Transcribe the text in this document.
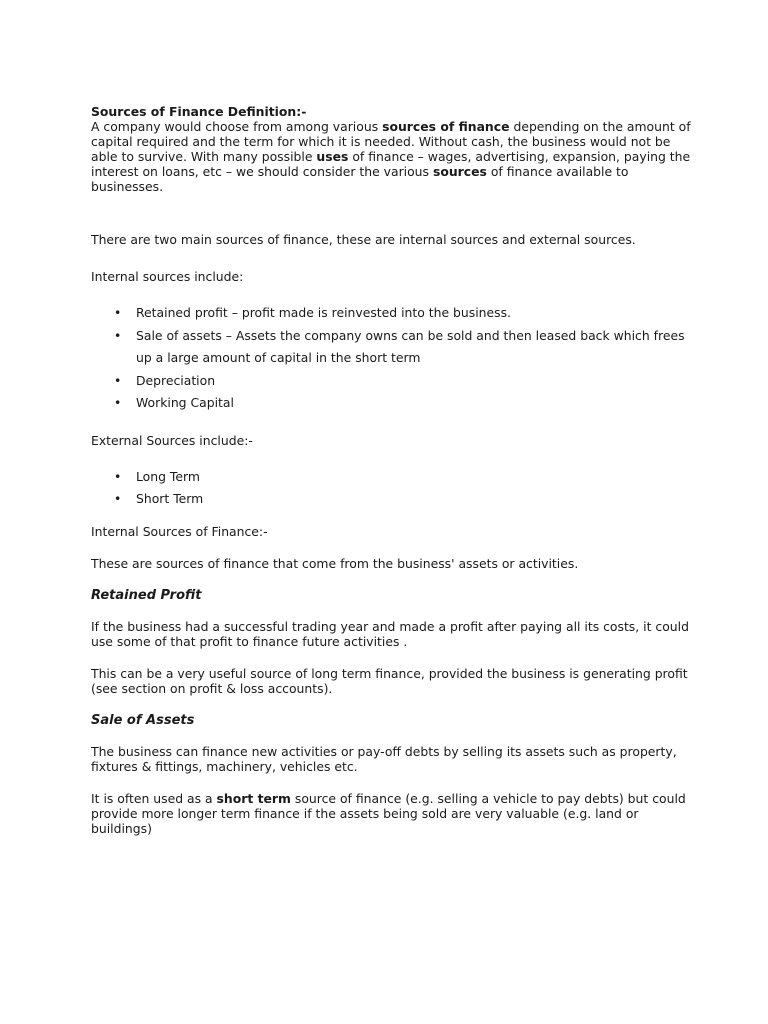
Sources of Finance Definition:-
A company would choose from among various sources of finance depending on the amount of capital required and the term for which it is needed. Without cash, the business would not be able to survive. With many possible uses of finance – wages, advertising, expansion, paying the interest on loans, etc – we should consider the various sources of finance available to businesses.

There are two main sources of finance, these are internal sources and external sources.

Internal sources include:

• Retained profit – profit made is reinvested into the business.
• Sale of assets – Assets the company owns can be sold and then leased back which frees up a large amount of capital in the short term
• Depreciation
• Working Capital

External Sources include:-

• Long Term
• Short Term

Internal Sources of Finance:-

These are sources of finance that come from the business' assets or activities.

Retained Profit

If the business had a successful trading year and made a profit after paying all its costs, it could use some of that profit to finance future activities .

This can be a very useful source of long term finance, provided the business is generating profit (see section on profit & loss accounts).

Sale of Assets

The business can finance new activities or pay-off debts by selling its assets such as property, fixtures & fittings, machinery, vehicles etc.

It is often used as a short term source of finance (e.g. selling a vehicle to pay debts) but could provide more longer term finance if the assets being sold are very valuable (e.g. land or buildings)
